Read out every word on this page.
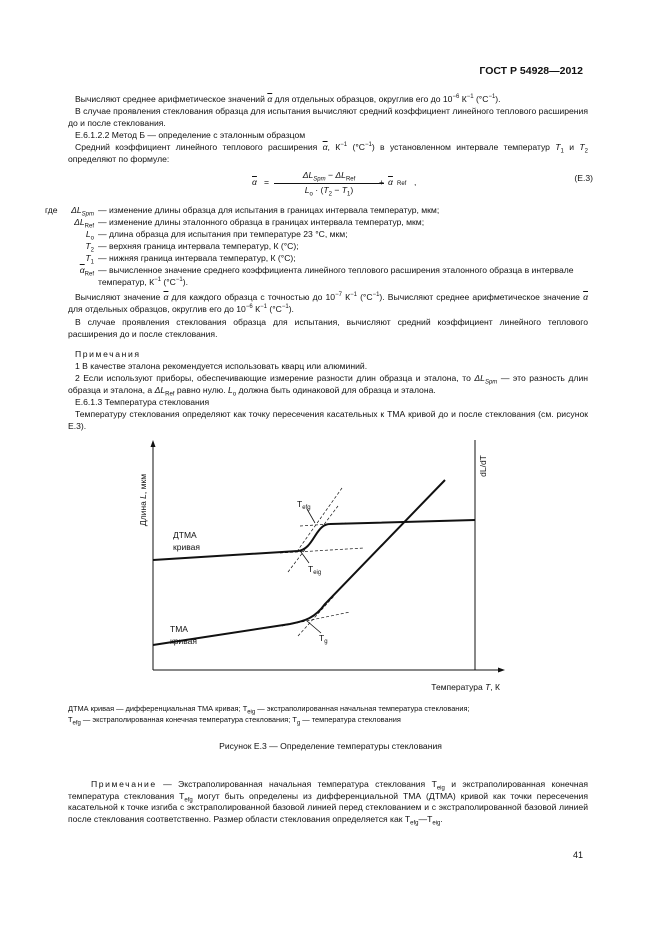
ГОСТ Р 54928—2012
Вычисляют среднее арифметическое значений $\overline{\alpha}$ для отдельных образцов, округлив его до $10^{-6}$ $К^{-1}$ $(^\circ С^{-1})$.
В случае проявления стеклования образца для испытания вычисляют средний коэффициент линейного теплового расширения до и после стеклования.
Е.6.1.2.2 Метод Б — определение с эталонным образцом
Средний коэффициент линейного теплового расширения $\overline{\alpha}$, $К^{-1}$ $(^\circ С^{-1})$ в установленном интервале температур $T_1$ и $T_2$ определяют по формуле:
$\overline{\alpha}$ =
$\Delta L_{Spm} - \Delta L_{Ref}$
$L_o \cdot (T_2 - T_1)$
+ $\overline{\alpha}$ Ref ,	(Е.3)
где	$\Delta L_{Spm}$ — изменение длины образца для испытания в границах интервала температур, мкм;
$\Delta L_{Ref}$ — изменение длины эталонного образца в границах интервала температур, мкм;
$L_o$ — длина образца для испытания при температуре 23 °С, мкм;
$T_2$ — верхняя граница интервала температур, К (°С);
$T_1$ — нижняя граница интервала температур, К (°С);
$\overline{\alpha}_{Ref}$ — вычисленное значение среднего коэффициента линейного теплового расширения эталонного образца в интервале температур, $К^{-1}$ $(^\circ С^{-1})$.
Вычисляют значение $\overline{\alpha}$ для каждого образца с точностью до $10^{-7}$ $К^{-1}$ $(^\circ С^{-1})$. Вычисляют среднее арифметическое значение $\overline{\alpha}$ для отдельных образцов, округлив его до $10^{-6}$ $К^{-1}$ $(^\circ С^{-1})$.
В случае проявления стеклования образца для испытания, вычисляют средний коэффициент линейного теплового расширения до и после стеклования.
Примечания
1 В качестве эталона рекомендуется использовать кварц или алюминий.
2 Если используют приборы, обеспечивающие измерение разности длин образца и эталона, то $\Delta L_{Spm}$ — это разность длин образца и эталона, а $\Delta L_{Ref}$ равно нулю. $L_o$ должна быть одинаковой для образца и эталона.
Е.6.1.3 Температура стеклования
Температуру стеклования определяют как точку пересечения касательных к ТМА кривой до и после стеклования (см. рисунок Е.3).
Длина L, мкм
dL/dT
Температура T, К
$T_{efg}$
$T_{eig}$
$T_g$
ДТМА
кривая
ТМА
кривая
ДТМА кривая — дифференциальная ТМА кривая; $T_{eig}$ — экстраполированная начальная температура стеклования;
$T_{efg}$ — экстраполированная конечная температура стеклования; $T_g$ — температура стеклования
Рисунок Е.3 — Определение температуры стеклования
Примечание — Экстраполированная начальная температура стеклования $T_{eig}$ и экстраполированная конечная температура стеклования $T_{efg}$ могут быть определены из дифференциальной ТМА (ДТМА) кривой как точки пересечения касательной к точке изгиба с экстраполированной базовой линией перед стеклованием и с экстраполированной базовой линией после стеклования соответственно. Размер области стеклования определяется как $T_{efg}—T_{eig}$.
41
